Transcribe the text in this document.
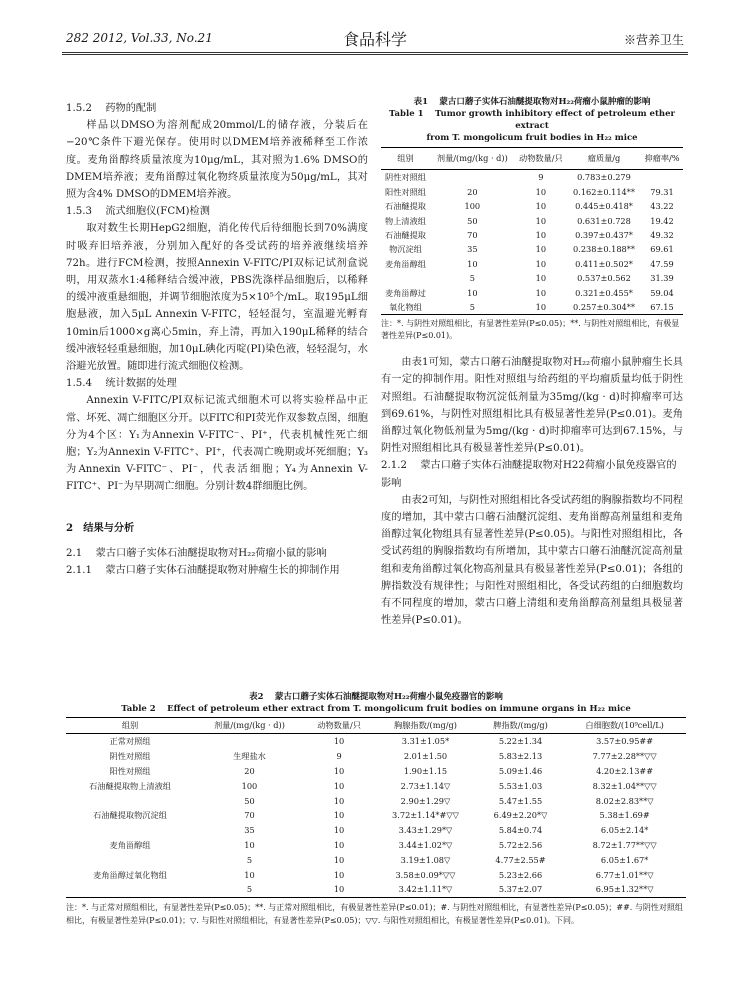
282 2012, Vol.33, No.21	食品科学	※营养卫生
1.5.2　 药物的配制

样品以DMSO为溶剂配成20mmol/L的储存液，分装后在−20℃条件下避光保存。使用时以DMEM培养液稀释至工作浓度。麦角甾醇终质量浓度为10μg/mL，其对照为1.6% DMSO的DMEM培养液；麦角甾醇过氧化物终质量浓度为50μg/mL，其对照为含4% DMSO的DMEM培养液。

1.5.3　 流式细胞仪(FCM)检测

取对数生长期HepG2细胞，消化传代后待细胞长到70%满度时吸弃旧培养液，分别加入配好的各受试药的培养液继续培养72h。进行FCM检测，按照Annexin V-FITC/PI双标记试剂盒说明，用双蒸水1:4稀释结合缓冲液，PBS洗涤样品细胞后，以稀释的缓冲液重悬细胞，并调节细胞浓度为5×10⁵个/mL。取195μL细胞悬液，加入5μL Annexin V-FITC，轻轻混匀，室温避光孵育10min后1000×g离心5min，弃上清，再加入190μL稀释的结合缓冲液轻轻重悬细胞，加10μL碘化丙啶(PI)染色液，轻轻混匀，水浴避光放置。随即进行流式细胞仪检测。

1.5.4　 统计数据的处理

Annexin V-FITC/PI双标记流式细胞术可以将实验样品中正常、坏死、凋亡细胞区分开。以FITC和PI荧光作双参数点图，细胞分为4个区：Y₁为Annexin V-FITC⁻、PI⁺，代表机械性死亡细胞；Y₂为Annexin V-FITC⁺、PI⁺，代表凋亡晚期或坏死细胞；Y₃为Annexin V-FITC⁻、PI⁻，代表活细胞；Y₄为Annexin V-FITC⁺、PI⁻为早期凋亡细胞。分别计数4群细胞比例。

2　结果与分析
2.1　 蒙古口蘑子实体石油醚提取物对H₂₂荷瘤小鼠的影响
2.1.1　 蒙古口蘑子实体石油醚提取物对肿瘤生长的抑制作用
表1　 蒙古口蘑子实体石油醚提取物对H₂₂荷瘤小鼠肿瘤的影响
Table 1　 Tumor growth inhibitory effect of petroleum ether extract
from T. mongolicum fruit bodies in H₂₂ mice
组别	剂量/(mg/(kg · d))	动物数量/只	瘤质量/g	抑瘤率/%
阴性对照组		9	0.783±0.279	
阳性对照组	20	10	0.162±0.114**	79.31
石油醚提取	100	10	0.445±0.418*	43.22
物上清液组	50	10	0.631±0.728	19.42
石油醚提取	70	10	0.397±0.437*	49.32
物沉淀组	35	10	0.238±0.188**	69.61
麦角甾醇组	10	10	0.411±0.502*	47.59
	5	10	0.537±0.562	31.39
麦角甾醇过	10	10	0.321±0.455*	59.04
氧化物组	5	10	0.257±0.304**	67.15
注：*. 与阴性对照组相比，有显著性差异(P≤0.05)；**. 与阴性对照组相比，有极显著性差异(P≤0.01)。

由表1可知，蒙古口蘑石油醚提取物对H₂₂荷瘤小鼠肿瘤生长具有一定的抑制作用。阳性对照组与给药组的平均瘤质量均低于阴性对照组。石油醚提取物沉淀低剂量为35mg/(kg · d)时抑瘤率可达到69.61%，与阴性对照组相比具有极显著性差异(P≤0.01)。麦角甾醇过氧化物低剂量为5mg/(kg · d)时抑瘤率可达到67.15%，与阴性对照组相比具有极显著性差异(P≤0.01)。

2.1.2　 蒙古口蘑子实体石油醚提取物对H22荷瘤小鼠免疫器官的影响

由表2可知，与阴性对照组相比各受试药组的胸腺指数均不同程度的增加，其中蒙古口蘑石油醚沉淀组、麦角甾醇高剂量组和麦角甾醇过氧化物组具有显著性差异(P≤0.05)。与阳性对照组相比，各受试药组的胸腺指数均有所增加，其中蒙古口蘑石油醚沉淀高剂量组和麦角甾醇过氧化物高剂量具有极显著性差异(P≤0.01)；各组的脾指数没有规律性；与阳性对照组相比，各受试药组的白细胞数均有不同程度的增加，蒙古口蘑上清组和麦角甾醇高剂量组具极显著性差异(P≤0.01)。

表2　 蒙古口蘑子实体石油醚提取物对H₂₂荷瘤小鼠免疫器官的影响
Table 2　 Effect of petroleum ether extract from T. mongolicum fruit bodies on immune organs in H₂₂ mice
组别	剂量/(mg/(kg · d))	动物数量/只	胸腺指数/(mg/g)	脾指数/(mg/g)	白细胞数/(10⁹cell/L)
正常对照组		10	3.31±1.05*	5.22±1.34	3.57±0.95##
阴性对照组	生理盐水	9	2.01±1.50	5.83±2.13	7.77±2.28**▽▽
阳性对照组	20	10	1.90±1.15	5.09±1.46	4.20±2.13##
石油醚提取物上清液组	100	10	2.73±1.14▽	5.53±1.03	8.32±1.04**▽▽
	50	10	2.90±1.29▽	5.47±1.55	8.02±2.83**▽
石油醚提取物沉淀组	70	10	3.72±1.14*#▽▽	6.49±2.20*▽	5.38±1.69#
	35	10	3.43±1.29*▽	5.84±0.74	6.05±2.14*
麦角甾醇组	10	10	3.44±1.02*▽	5.72±2.56	8.72±1.77**▽▽
	5	10	3.19±1.08▽	4.77±2.55#	6.05±1.67*
麦角甾醇过氧化物组	10	10	3.58±0.09*▽▽	5.23±2.66	6.77±1.01**▽
	5	10	3.42±1.11*▽	5.37±2.07	6.95±1.32**▽
注：*. 与正常对照组相比，有显著性差异(P≤0.05)；**. 与正常对照组相比，有极显著性差异(P≤0.01)；#. 与阴性对照组相比，有显著性差异(P≤0.05)；##. 与阴性对照组相比，有极显著性差异(P≤0.01)；▽. 与阳性对照组相比，有显著性差异(P≤0.05)；▽▽. 与阳性对照组相比，有极显著性差异(P≤0.01)。下同。
